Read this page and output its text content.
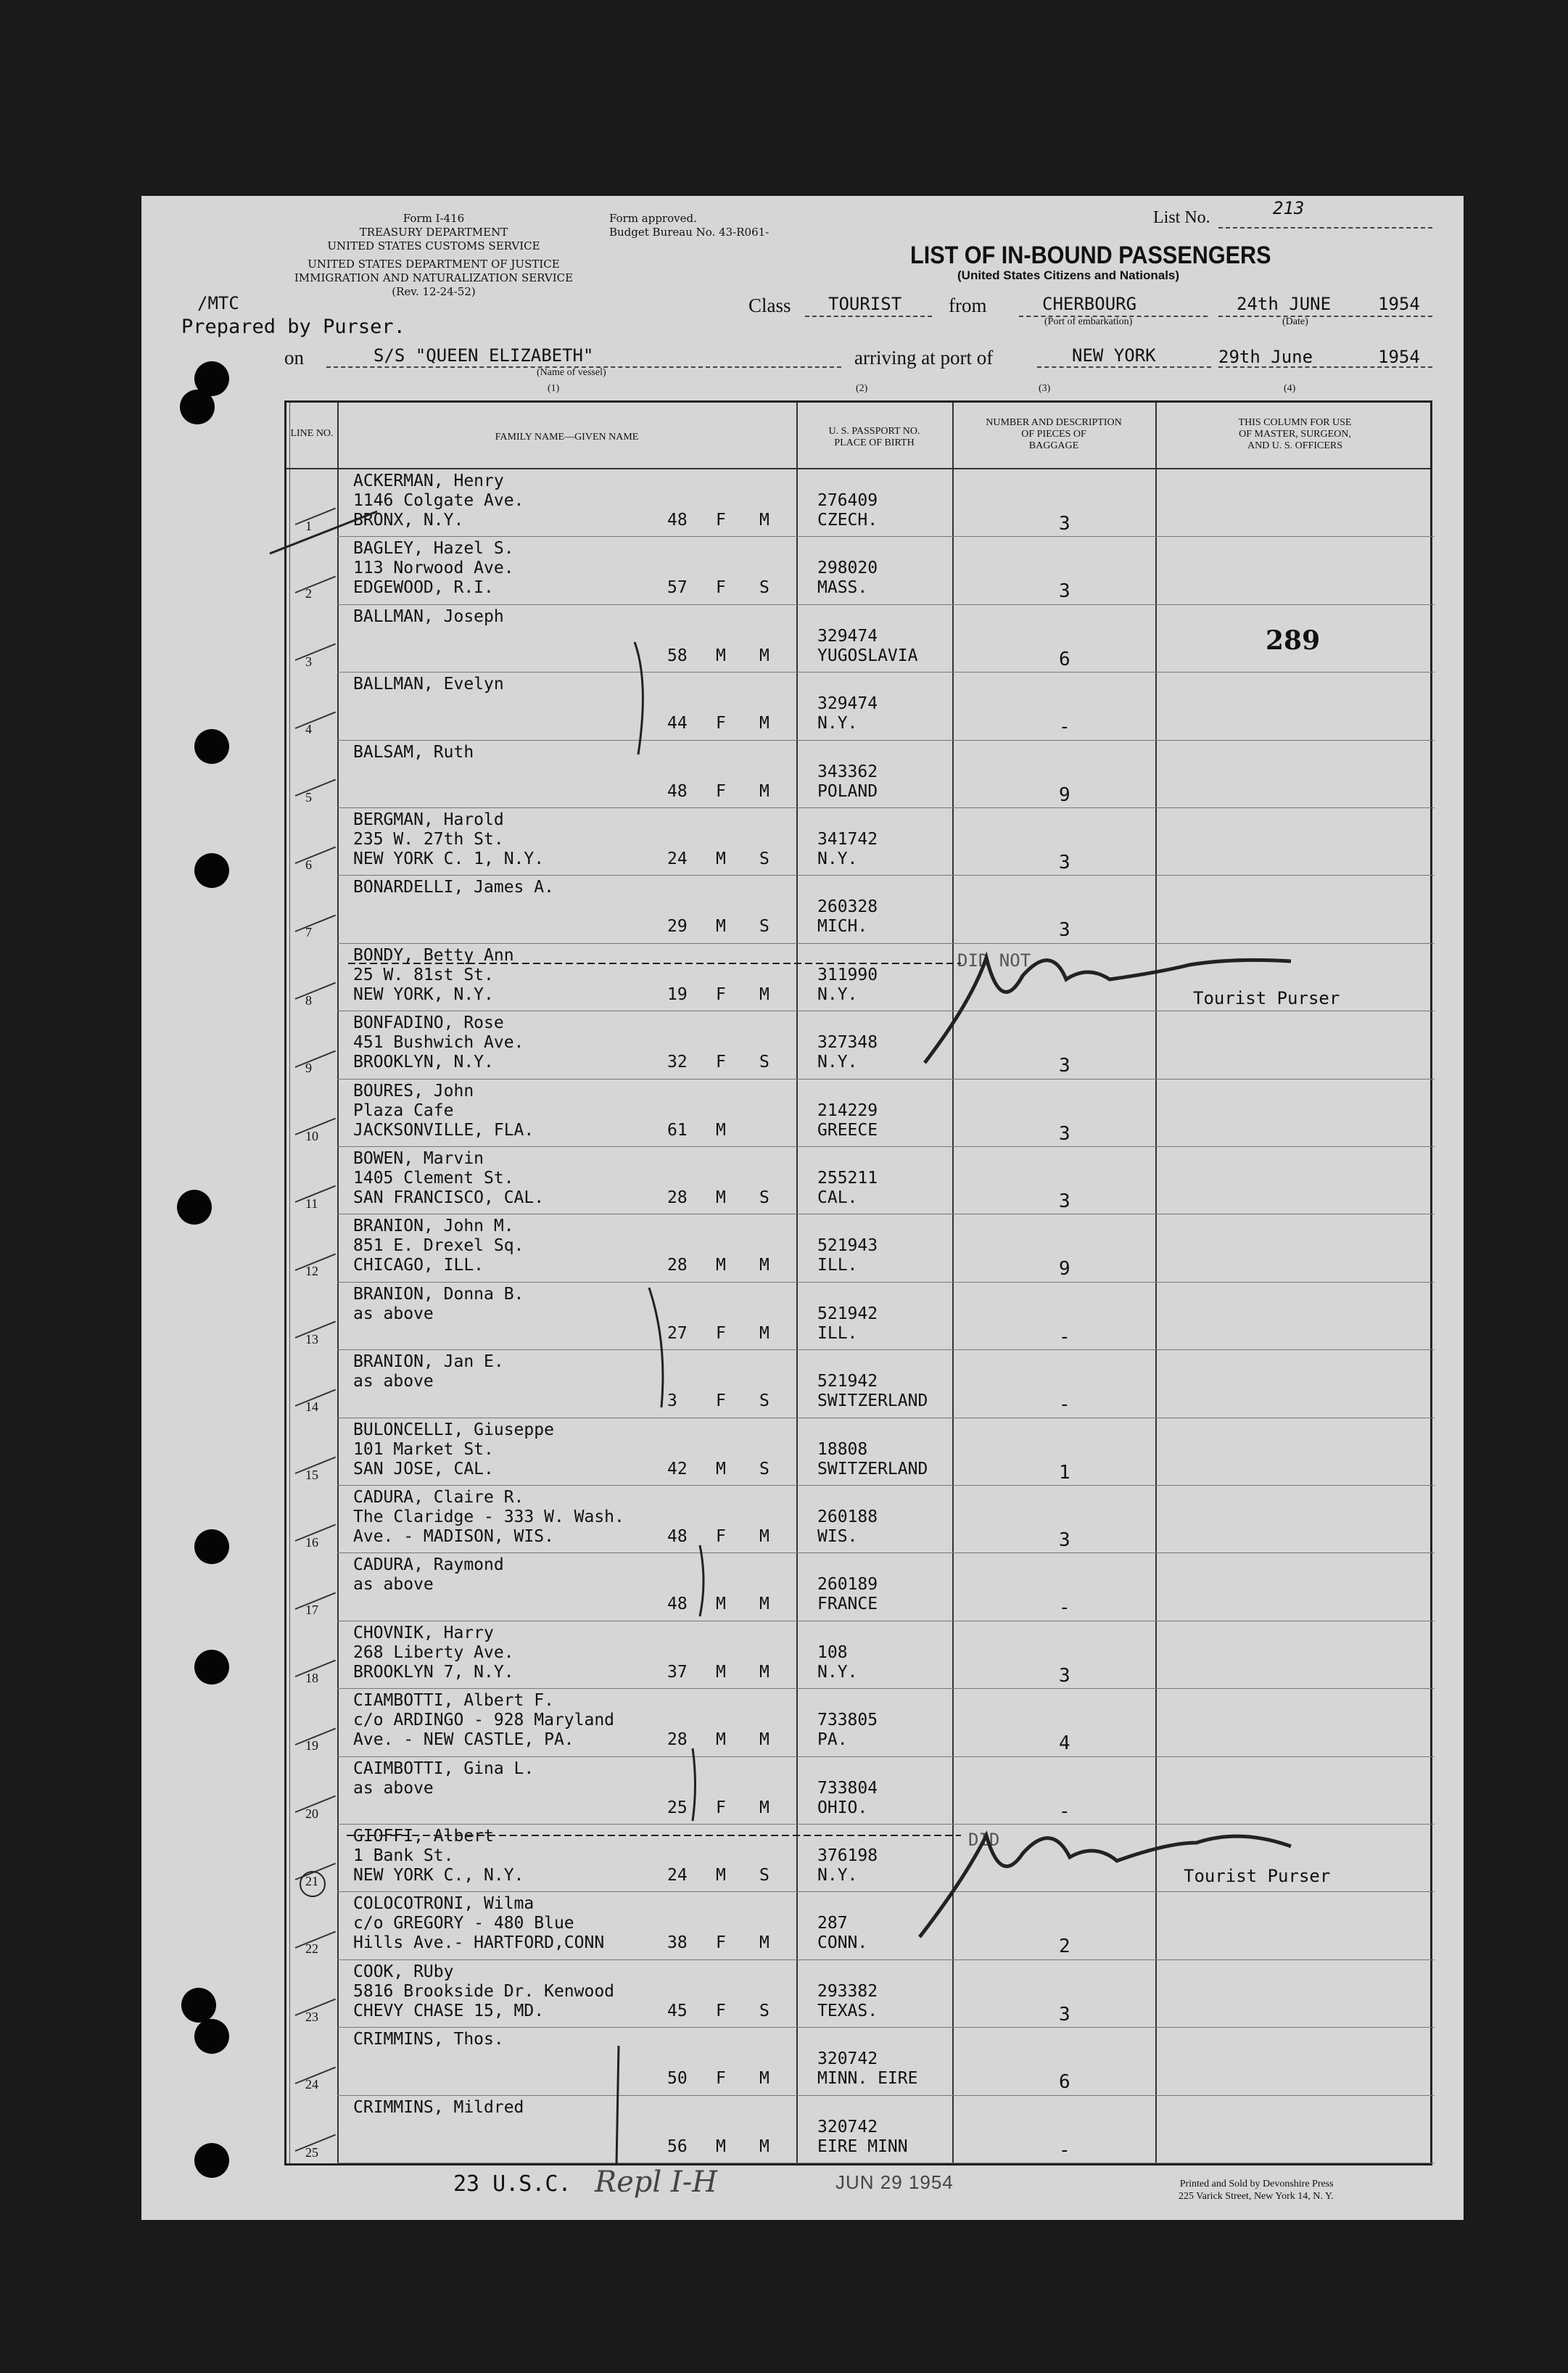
Form I-416
TREASURY DEPARTMENT
UNITED STATES CUSTOMS SERVICE
UNITED STATES DEPARTMENT OF JUSTICE
IMMIGRATION AND NATURALIZATION SERVICE
(Rev. 12-24-52)
Form approved.
Budget Bureau No. 43-R061-
List No.	213
LIST OF IN-BOUND PASSENGERS
(United States Citizens and Nationals)
/MTC
Prepared by Purser.
Class TOURIST from	CHERBOURG
(Port of embarkation)
24th JUNE
(Date)
1954
on	S/S "QUEEN ELIZABETH"
(Name of vessel)
arriving at port of	NEW YORK	29th June	1954
(1)	(2)	(3)	(4)
LINE NO.	FAMILY NAME—GIVEN NAME
U. S. PASSPORT NO.
PLACE OF BIRTH
NUMBER AND DESCRIPTION
OF PIECES OF
BAGGAGE
THIS COLUMN FOR USE
OF MASTER, SURGEON,
AND U. S. OFFICERS
1
ACKERMAN, Henry
1146 Colgate Ave.
BRONX, N.Y.	48 F M
276409
CZECH.	3
2
BAGLEY, Hazel S.
113 Norwood Ave.
EDGEWOOD, R.I.	57 F S
298020
MASS.	3
3
BALLMAN, Joseph
58 M M
329474
YUGOSLAVIA	6
289
4
BALLMAN, Evelyn
44 F M
329474
N.Y.	-
5
BALSAM, Ruth
48 F M
343362
POLAND	9
6
BERGMAN, Harold
235 W. 27th St.
NEW YORK C. 1, N.Y.	24 M S
341742
N.Y.	3
7
BONARDELLI, James A.
29 M S
260328
MICH.	3
8
BONDY, Betty Ann
25 W. 81st St.
NEW YORK, N.Y.	19 F M
311990
N.Y.
9
BONFADINO, Rose
451 Bushwich Ave.
BROOKLYN, N.Y.	32 F S
327348
N.Y.	3
10
BOURES, John
Plaza Cafe
JACKSONVILLE, FLA.	61 M
214229
GREECE	3
11
BOWEN, Marvin
1405 Clement St.
SAN FRANCISCO, CAL.	28 M S
255211
CAL.	3
12
BRANION, John M.
851 E. Drexel Sq.
CHICAGO, ILL.	28 M M
521943
ILL.	9
13
BRANION, Donna B.
as above
27 F M
521942
ILL.	-
14
BRANION, Jan E.
as above
3 F S
521942
SWITZERLAND	-
15
BULONCELLI, Giuseppe
101 Market St.
SAN JOSE, CAL.	42 M S
18808
SWITZERLAND	1
16
CADURA, Claire R.
The Claridge - 333 W. Wash.
Ave. - MADISON, WIS.	48 F M
260188
WIS.	3
17
CADURA, Raymond
as above
48 M M
260189
FRANCE	-
18
CHOVNIK, Harry
268 Liberty Ave.
BROOKLYN 7, N.Y.	37 M M
108
N.Y.	3
19
CIAMBOTTI, Albert F.
c/o ARDINGO - 928 Maryland
Ave. - NEW CASTLE, PA.	28 M M
733805
PA.	4
20
CAIMBOTTI, Gina L.
as above
25 F M
733804
OHIO.	-
21
GIOFFI, Albert
1 Bank St.
NEW YORK C., N.Y.	24 M S
376198
N.Y.
22
COLOCOTRONI, Wilma
c/o GREGORY - 480 Blue
Hills Ave.- HARTFORD,CONN	38 F M
287
CONN.	2
23
COOK, RUby
5816 Brookside Dr. Kenwood
CHEVY CHASE 15, MD.	45 F S
293382
TEXAS.	3
24
CRIMMINS, Thos.
50 F M
320742
MINN. EIRE	6
25
CRIMMINS, Mildred
56 M M
320742
EIRE MINN	-
DID NOT
Tourist Purser
DID
Tourist Purser
23 U.S.C. Repl I-H	JUN 29 1954	Printed and Sold by Devonshire Press
225 Varick Street, New York 14, N. Y.
